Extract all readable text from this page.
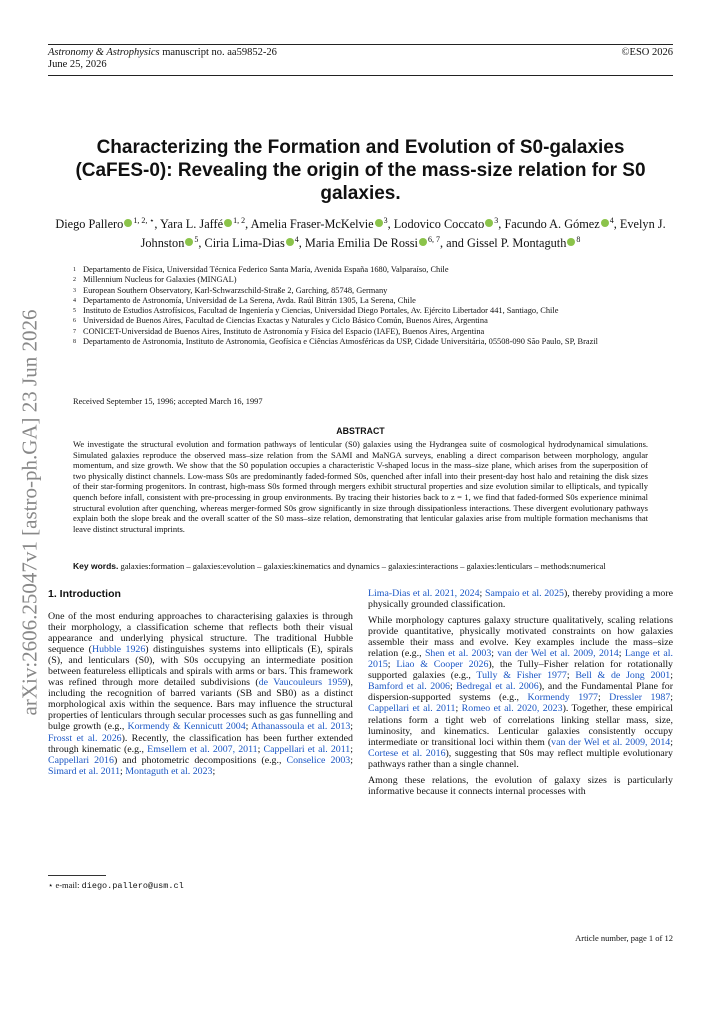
Astronomy & Astrophysics manuscript no. aa59852-26
June 25, 2026
©ESO 2026
arXiv:2606.25047v1 [astro-ph.GA] 23 Jun 2026
Characterizing the Formation and Evolution of S0-galaxies (CaFES-0): Revealing the origin of the mass-size relation for S0 galaxies.
Diego Pallero $^{1, 2, ⋆}$, Yara L. Jaffé $^{1, 2}$, Amelia Fraser-McKelvie $^3$, Lodovico Coccato $^3$, Facundo A. Gómez $^4$, Evelyn J. Johnston $^5$, Ciria Lima-Dias $^4$, Maria Emilia De Rossi $^{6, 7}$, and Gissel P. Montaguth $^8$
1 Departamento de Física, Universidad Técnica Federico Santa María, Avenida España 1680, Valparaíso, Chile
2 Millennium Nucleus for Galaxies (MINGAL)
3 European Southern Observatory, Karl-Schwarzschild-Straße 2, Garching, 85748, Germany
4 Departamento de Astronomía, Universidad de La Serena, Avda. Raúl Bitrán 1305, La Serena, Chile
5 Instituto de Estudios Astrofísicos, Facultad de Ingeniería y Ciencias, Universidad Diego Portales, Av. Ejército Libertador 441, Santiago, Chile
6 Universidad de Buenos Aires, Facultad de Ciencias Exactas y Naturales y Ciclo Básico Común, Buenos Aires, Argentina
7 CONICET-Universidad de Buenos Aires, Instituto de Astronomía y Física del Espacio (IAFE), Buenos Aires, Argentina
8 Departamento de Astronomia, Instituto de Astronomia, Geofísica e Ciências Atmosféricas da USP, Cidade Universitária, 05508-090 São Paulo, SP, Brazil
Received September 15, 1996; accepted March 16, 1997
ABSTRACT
We investigate the structural evolution and formation pathways of lenticular (S0) galaxies using the Hydrangea suite of cosmological hydrodynamical simulations. Simulated galaxies reproduce the observed mass–size relation from the SAMI and MaNGA surveys, enabling a direct comparison between morphology, angular momentum, and size growth. We show that the S0 population occupies a characteristic V-shaped locus in the mass–size plane, which arises from the superposition of two physically distinct channels. Low-mass S0s are predominantly faded-formed S0s, quenched after infall into their present-day host halo and retaining the disk sizes of their star-forming progenitors. In contrast, high-mass S0s formed through mergers exhibit structural properties and size evolution similar to ellipticals, and typically quench before infall, consistent with pre-processing in group environments. By tracing their histories back to z = 1, we find that faded-formed S0s experience minimal structural evolution after quenching, whereas merger-formed S0s grow significantly in size through dissipationless interactions. These divergent evolutionary pathways explain both the slope break and the overall scatter of the S0 mass–size relation, demonstrating that lenticular galaxies arise from multiple formation mechanisms that leave distinct structural imprints.
Key words. galaxies:formation – galaxies:evolution – galaxies:kinematics and dynamics – galaxies:interactions – galaxies:lenticulars – methods:numerical
1. Introduction

One of the most enduring approaches to characterising galaxies is through their morphology, a classification scheme that reflects both their visual appearance and underlying physical structure. The traditional Hubble sequence (Hubble 1926) distinguishes systems into ellipticals (E), spirals (S), and lenticulars (S0), with S0s occupying an intermediate position between featureless ellipticals and spirals with arms or bars. This framework was refined through more detailed subdivisions (de Vaucouleurs 1959), including the recognition of barred variants (SB and SB0) as a distinct morphological axis within the sequence. Bars may influence the structural properties of lenticulars through secular processes such as gas funnelling and bulge growth (e.g., Kormendy & Kennicutt 2004; Athanassoula et al. 2013; Frosst et al. 2026). Recently, the classification has been further extended through kinematic (e.g., Emsellem et al. 2007, 2011; Cappellari et al. 2011; Cappellari 2016) and photometric decompositions (e.g., Conselice 2003; Simard et al. 2011; Montaguth et al. 2023;

Lima-Dias et al. 2021, 2024; Sampaio et al. 2025), thereby providing a more physically grounded classification.

While morphology captures galaxy structure qualitatively, scaling relations provide quantitative, physically motivated constraints on how galaxies assemble their mass and evolve. Key examples include the mass–size relation (e.g., Shen et al. 2003; van der Wel et al. 2009, 2014; Lange et al. 2015; Liao & Cooper 2026), the Tully–Fisher relation for rotationally supported galaxies (e.g., Tully & Fisher 1977; Bell & de Jong 2001; Bamford et al. 2006; Bedregal et al. 2006), and the Fundamental Plane for dispersion-supported systems (e.g., Kormendy 1977; Dressler 1987; Cappellari et al. 2011; Romeo et al. 2020, 2023). Together, these empirical relations form a tight web of correlations linking stellar mass, size, luminosity, and kinematics. Lenticular galaxies consistently occupy intermediate or transitional loci within them (van der Wel et al. 2009, 2014; Cortese et al. 2016), suggesting that S0s may reflect multiple evolutionary pathways rather than a single channel.

Among these relations, the evolution of galaxy sizes is particularly informative because it connects internal processes with

⋆ e-mail: diego.pallero@usm.cl
Article number, page 1 of 12
